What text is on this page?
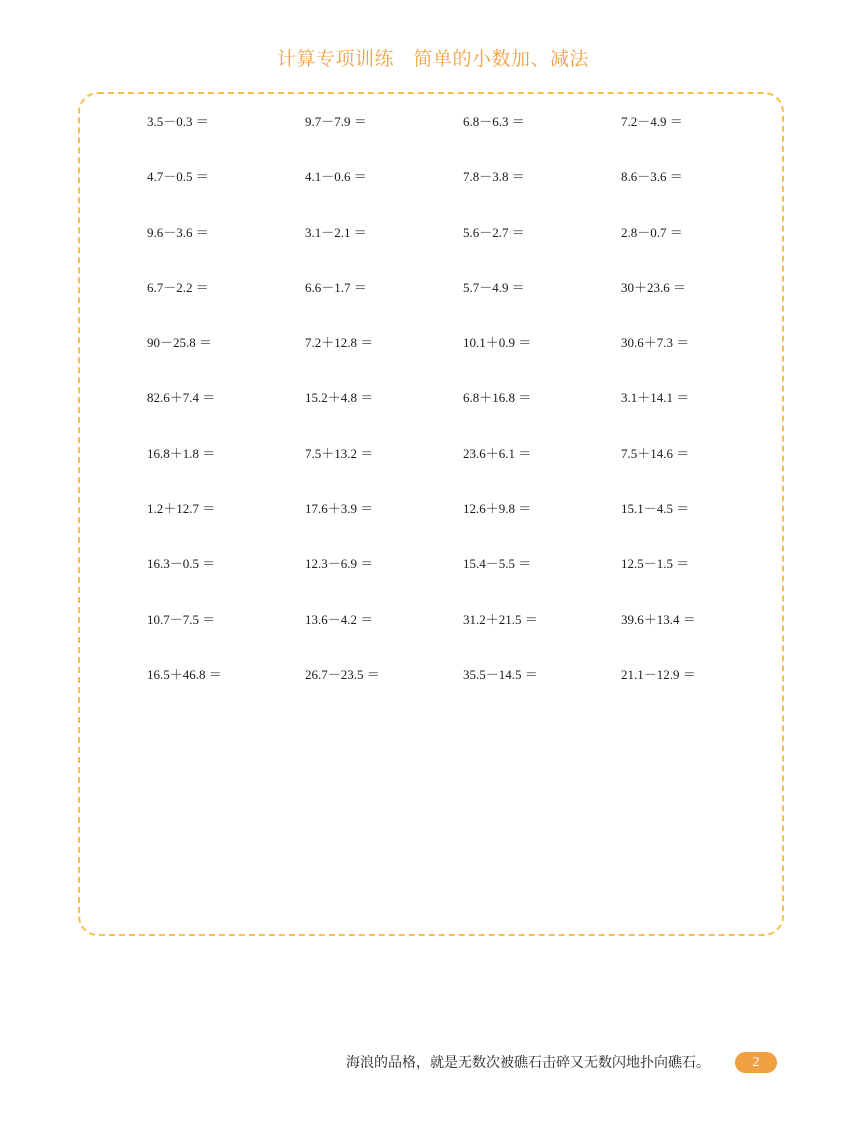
计算专项训练　简单的小数加、减法
3.5－0.3 ＝	9.7－7.9 ＝	6.8－6.3 ＝	7.2－4.9 ＝
4.7－0.5 ＝	4.1－0.6 ＝	7.8－3.8 ＝	8.6－3.6 ＝
9.6－3.6 ＝	3.1－2.1 ＝	5.6－2.7 ＝	2.8－0.7 ＝
6.7－2.2 ＝	6.6－1.7 ＝	5.7－4.9 ＝	30＋23.6 ＝
90－25.8 ＝	7.2＋12.8 ＝	10.1＋0.9 ＝	30.6＋7.3 ＝
82.6＋7.4 ＝	15.2＋4.8 ＝	6.8＋16.8 ＝	3.1＋14.1 ＝
16.8＋1.8 ＝	7.5＋13.2 ＝	23.6＋6.1 ＝	7.5＋14.6 ＝
1.2＋12.7 ＝	17.6＋3.9 ＝	12.6＋9.8 ＝	15.1－4.5 ＝
16.3－0.5 ＝	12.3－6.9 ＝	15.4－5.5 ＝	12.5－1.5 ＝
10.7－7.5 ＝	13.6－4.2 ＝	31.2＋21.5 ＝	39.6＋13.4 ＝
16.5＋46.8 ＝	26.7－23.5 ＝	35.5－14.5 ＝	21.1－12.9 ＝
海浪的品格，就是无数次被礁石击碎又无数闪地扑向礁石。	2
